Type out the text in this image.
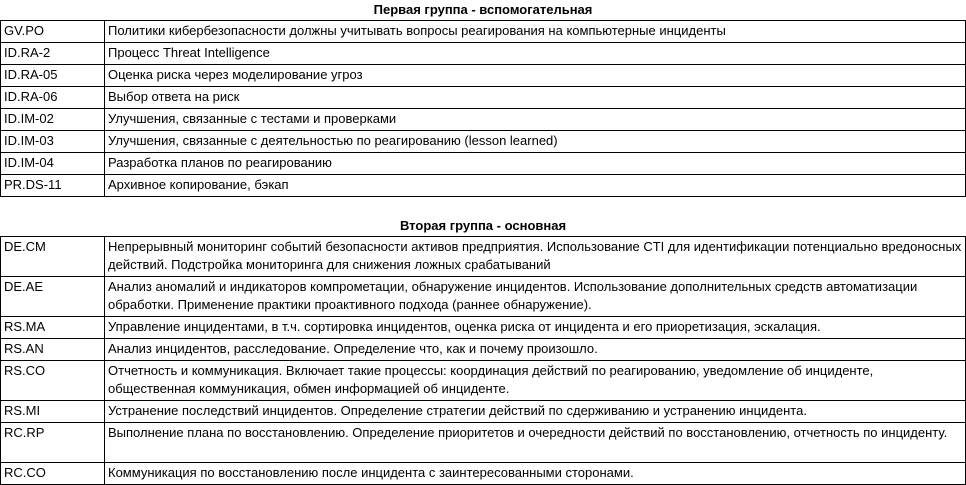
Первая группа - вспомогательная	
GV.PO	Политики кибербезопасности должны учитывать вопросы реагирования на компьютерные инциденты
ID.RA-2	Процесс Threat Intelligence
ID.RA-05	Оценка риска через моделирование угроз
ID.RA-06	Выбор ответа на риск
ID.IM-02	Улучшения, связанные с тестами и проверками
ID.IM-03	Улучшения, связанные с деятельностью по реагированию (lesson learned)
ID.IM-04	Разработка планов по реагированию
PR.DS-11	Архивное копирование, бэкап

Вторая группа - основная	
DE.CM	Непрерывный мониторинг событий безопасности активов предприятия. Использование CTI для идентификации потенциально вредоносных действий. Подстройка мониторинга для снижения ложных срабатываний
DE.AE	Анализ аномалий и индикаторов компрометации, обнаружение инцидентов. Использование дополнительных средств автоматизации обработки. Применение практики проактивного подхода (раннее обнаружение).
RS.MA	Управление инцидентами, в т.ч. сортировка инцидентов, оценка риска от инцидента и его приоретизация, эскалация.
RS.AN	Анализ инцидентов, расследование. Определение что, как и почему произошло.
RS.CO	Отчетность и коммуникация. Включает такие процессы: координация действий по реагированию, уведомление об инциденте, общественная коммуникация, обмен информацией об инциденте.
RS.MI	Устранение последствий инцидентов. Определение стратегии действий по сдерживанию и устранению инцидента.
RC.RP	Выполнение плана по восстановлению. Определение приоритетов и очередности действий по восстановлению, отчетность по инциденту.
RC.CO	Коммуникация по восстановлению после инцидента с заинтересованными сторонами.
